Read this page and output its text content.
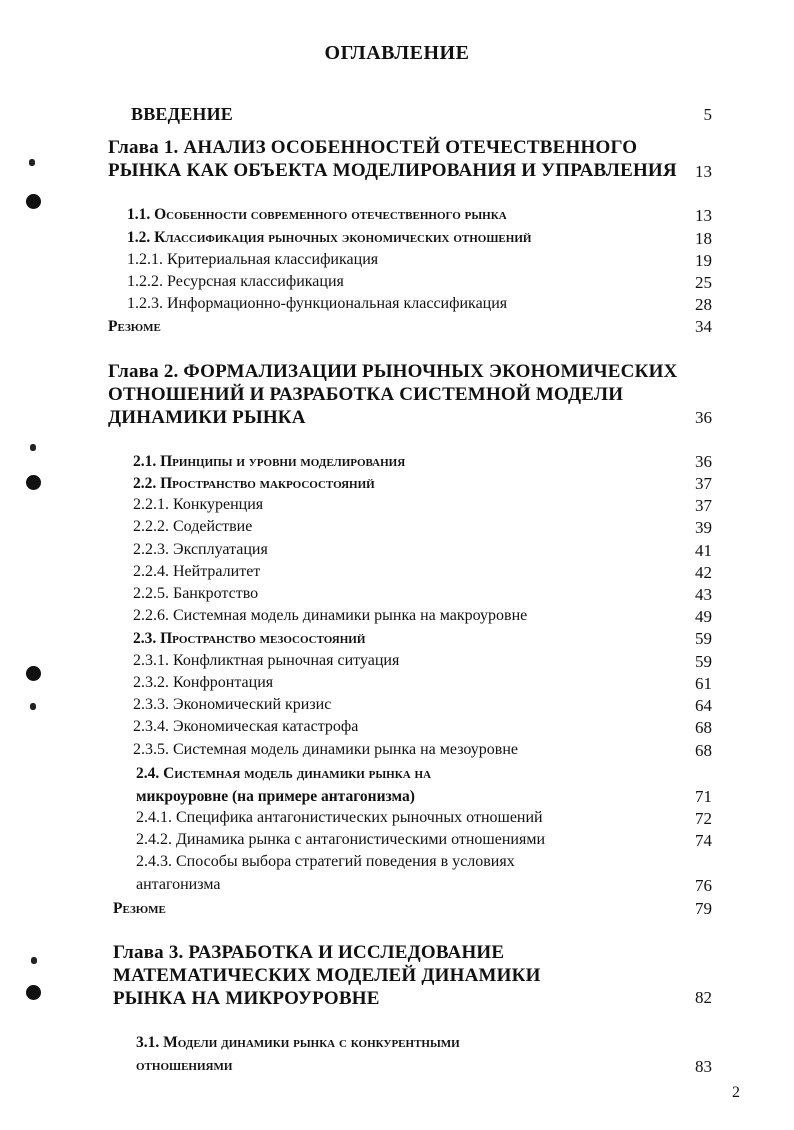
ОГЛАВЛЕНИЕ
ВВЕДЕНИЕ	5
Глава 1. АНАЛИЗ ОСОБЕННОСТЕЙ ОТЕЧЕСТВЕННОГО
РЫНКА КАК ОБЪЕКТА МОДЕЛИРОВАНИЯ И УПРАВЛЕНИЯ	13
1.1. Особенности современного отечественного рынка	13
1.2. Классификация рыночных экономических отношений	18
1.2.1. Критериальная классификация	19
1.2.2. Ресурсная классификация	25
1.2.3. Информационно-функциональная классификация	28
Резюме	34
Глава 2. ФОРМАЛИЗАЦИИ РЫНОЧНЫХ ЭКОНОМИЧЕСКИХ
ОТНОШЕНИЙ И РАЗРАБОТКА СИСТЕМНОЙ МОДЕЛИ
ДИНАМИКИ РЫНКА	36
2.1. Принципы и уровни моделирования	36
2.2. Пространство макросостояний	37
2.2.1. Конкуренция	37
2.2.2. Содействие	39
2.2.3. Эксплуатация	41
2.2.4. Нейтралитет	42
2.2.5. Банкротство	43
2.2.6. Системная модель динамики рынка на макроуровне	49
2.3. Пространство мезосостояний	59
2.3.1. Конфликтная рыночная ситуация	59
2.3.2. Конфронтация	61
2.3.3. Экономический кризис	64
2.3.4. Экономическая катастрофа	68
2.3.5. Системная модель динамики рынка на мезоуровне	68
2.4. Системная модель динамики рынка на
микроуровне (на примере антагонизма)	71
2.4.1. Специфика антагонистических рыночных отношений	72
2.4.2. Динамика рынка с антагонистическими отношениями	74
2.4.3. Способы выбора стратегий поведения в условиях
антагонизма	76
Резюме	79
Глава 3. РАЗРАБОТКА И ИССЛЕДОВАНИЕ
МАТЕМАТИЧЕСКИХ МОДЕЛЕЙ ДИНАМИКИ
РЫНКА НА МИКРОУРОВНЕ	82
3.1. Модели динамики рынка с конкурентными
отношениями	83
2
